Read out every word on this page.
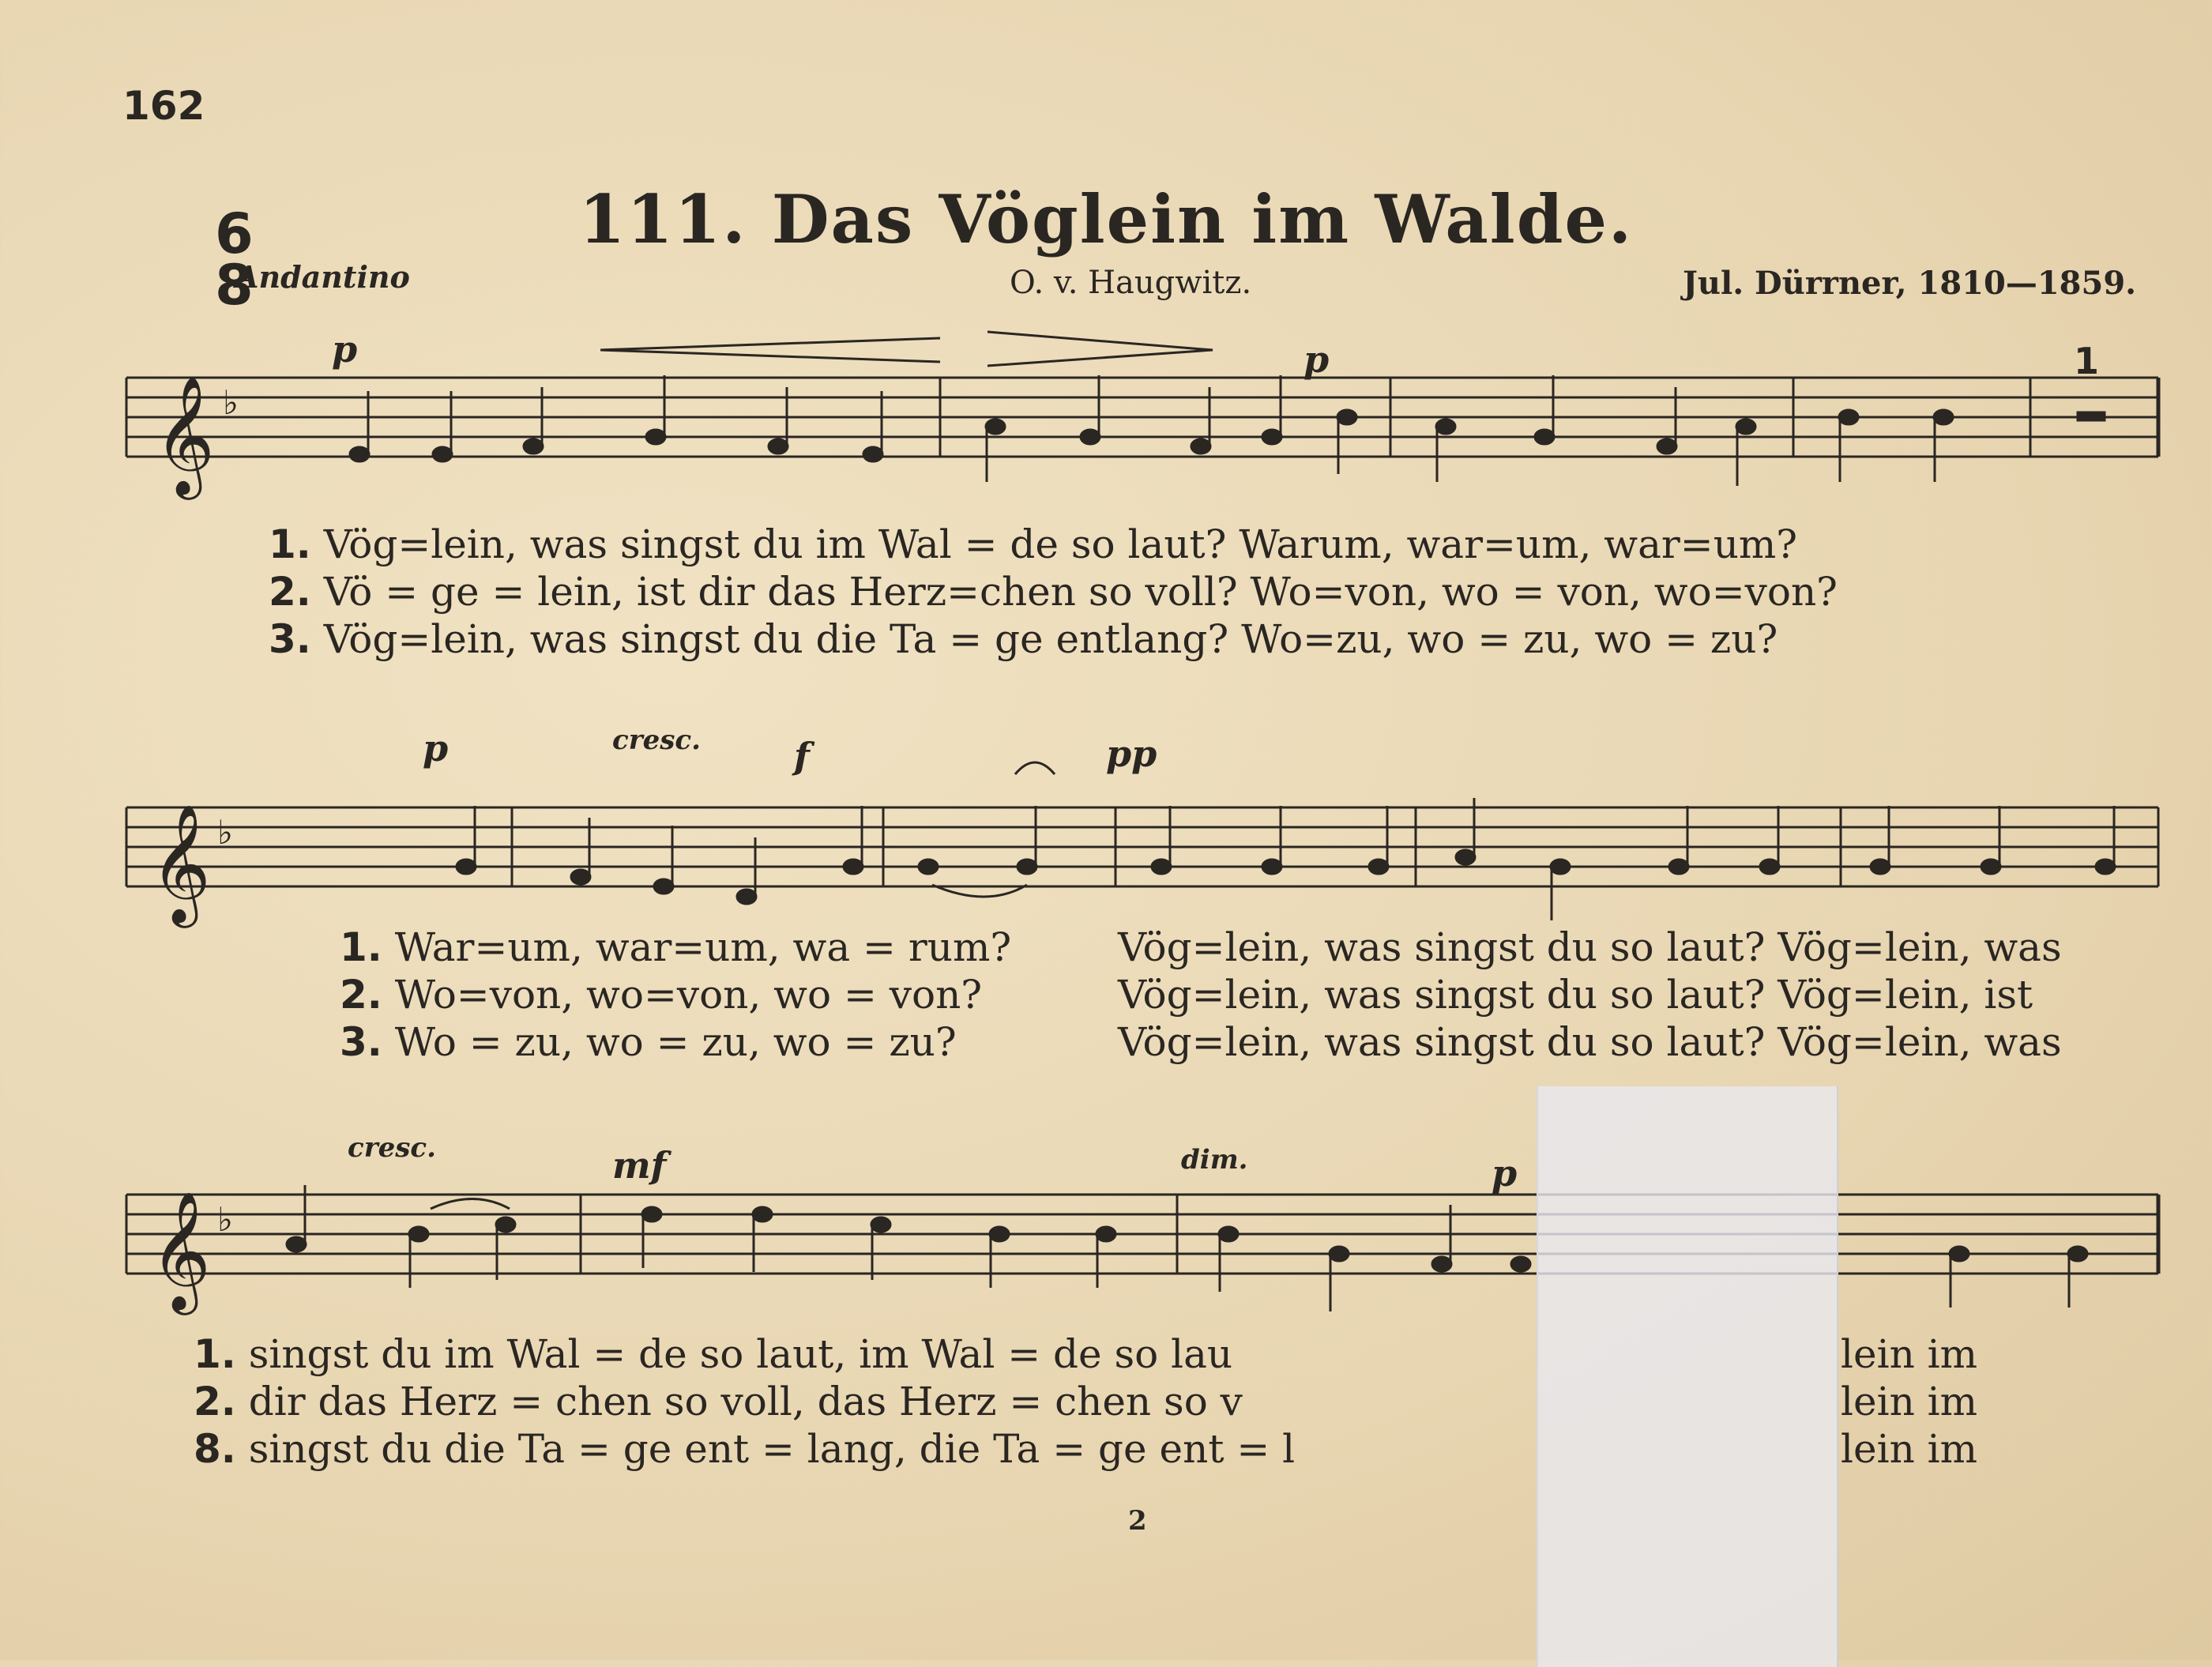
162
111. Das Vöglein im Walde.
Andantino	O. v. Haugwitz.	Jul. Dürrner, 1810—1859.
𝄞 ♭
6
8
p	p	1
1. Vög=lein, was singst du im Wal = de so laut? Warum, war=um, war=um?
2. Vö = ge = lein, ist dir das Herz=chen so voll? Wo=von, wo = von, wo=von?
3. Vög=lein, was singst du die Ta = ge entlang? Wo=zu, wo = zu, wo = zu?
𝄞 ♭
p	cresc.	f	pp
1. War=um, war=um, wa = rum?	Vög=lein, was singst du so laut? Vög=lein, was
2. Wo=von, wo=von, wo = von?	Vög=lein, was singst du so laut? Vög=lein, ist
3. Wo = zu, wo = zu, wo = zu?	Vög=lein, was singst du so laut? Vög=lein, was
𝄞 ♭
cresc.	mf	dim.	p
1. singst du im Wal = de so laut, im Wal = de so lau	lein im
2. dir das Herz = chen so voll, das Herz = chen so v	lein im
8. singst du die Ta = ge ent = lang, die Ta = ge ent = l	lein im
2
